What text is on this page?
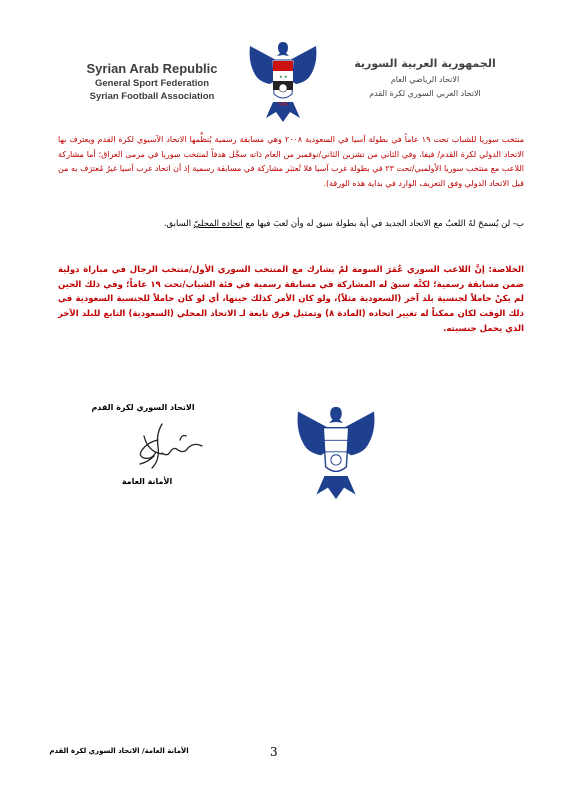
Syrian Arab Republic
General Sport Federation
Syrian Football Association
★ ★
SFA
الجمهورية العربية السورية
الاتحاد الرياضي العام
الاتحاد العربي السوري لكرة القدم
منتخب سوريا للشباب تحت ١٩ عاماً في بطولة آسيا في السعودية ٢٠٠٨ وهي مسابقة رسمية يُنظِّمها الاتحاد الآسيوي لكرة القدم ويعترف بها الاتحاد الدولي لكرة القدم/ فيفا، وفي الثاني من تشرين الثاني/نوفمبر من العام ذاته سجَّل هدفاً لمنتخب سوريا في مرمى العراق؛ أما مشاركة اللاعب مع منتخب سوريا الأولمبي/تحت ٢٣ في بطولة غرب آسيا فلا تُعتبَر مشاركة في مسابقة رسمية إذ أن اتحاد غرب آسيا غيرُ مُعترَف به من قبل الاتحاد الدولي وفق التعريف الوارد في بداية هذه الورقة).
ب- لن يُسمحَ لهُ اللعبُ مع الاتحاد الجديد في أية بطولة سبق له وأن لعبَ فيها مع اتحاده المحليّ السابق.
الخلاصة: إنَّ اللاعب السوري عُمَرَ السومة لمْ يشارك مع المنتخب السوري الأول/منتخب الرجال في مباراة دولية ضمن مسابقة رسمية؛ لكنَّه سبقَ له المشاركة في مسابقة رسمية في فئة الشباب/تحت ١٩ عاماً؛ وفي ذلك الحين لم يكنْ حاملاً لجنسية بلد آخر (السعودية مثلاً)، ولو كان الأمر كذلك حينها، أي لو كان حاملاً للجنسية السعودية في ذلك الوقت لكان ممكناً له تغيير اتحاده (المادة ٨) وتمثيل فرق تابعة لـ الاتحاد المحلي (السعودية) التابع للبلد الآخر الذي يحمل جنسيته.
الاتحاد السوري لكرة القدم
الأمانة العامة	SFA
الأمانة العامة/ الاتحاد السوري لكرة القدم	3
